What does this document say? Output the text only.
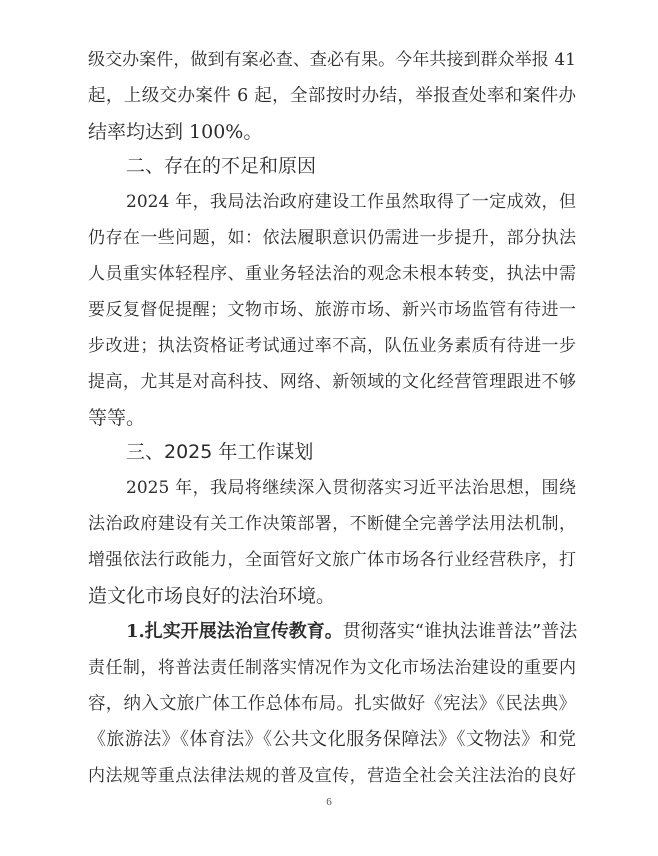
级交办案件，做到有案必查、查必有果。今年共接到群众举报 41
起，上级交办案件 6 起，全部按时办结，举报查处率和案件办
结率均达到 100%。
二、存在的不足和原因
2024 年，我局法治政府建设工作虽然取得了一定成效，但
仍存在一些问题，如：依法履职意识仍需进一步提升，部分执法
人员重实体轻程序、重业务轻法治的观念未根本转变，执法中需
要反复督促提醒；文物市场、旅游市场、新兴市场监管有待进一
步改进；执法资格证考试通过率不高，队伍业务素质有待进一步
提高，尤其是对高科技、网络、新领域的文化经营管理跟进不够
等等。
三、2025 年工作谋划
2025 年，我局将继续深入贯彻落实习近平法治思想，围绕
法治政府建设有关工作决策部署，不断健全完善学法用法机制，
增强依法行政能力，全面管好文旅广体市场各行业经营秩序，打
造文化市场良好的法治环境。
1.扎实开展法治宣传教育。贯彻落实“谁执法谁普法”普法
责任制，将普法责任制落实情况作为文化市场法治建设的重要内
容，纳入文旅广体工作总体布局。扎实做好《宪法》《民法典》
《旅游法》《体育法》《公共文化服务保障法》《文物法》和党
内法规等重点法律法规的普及宣传，营造全社会关注法治的良好
6
